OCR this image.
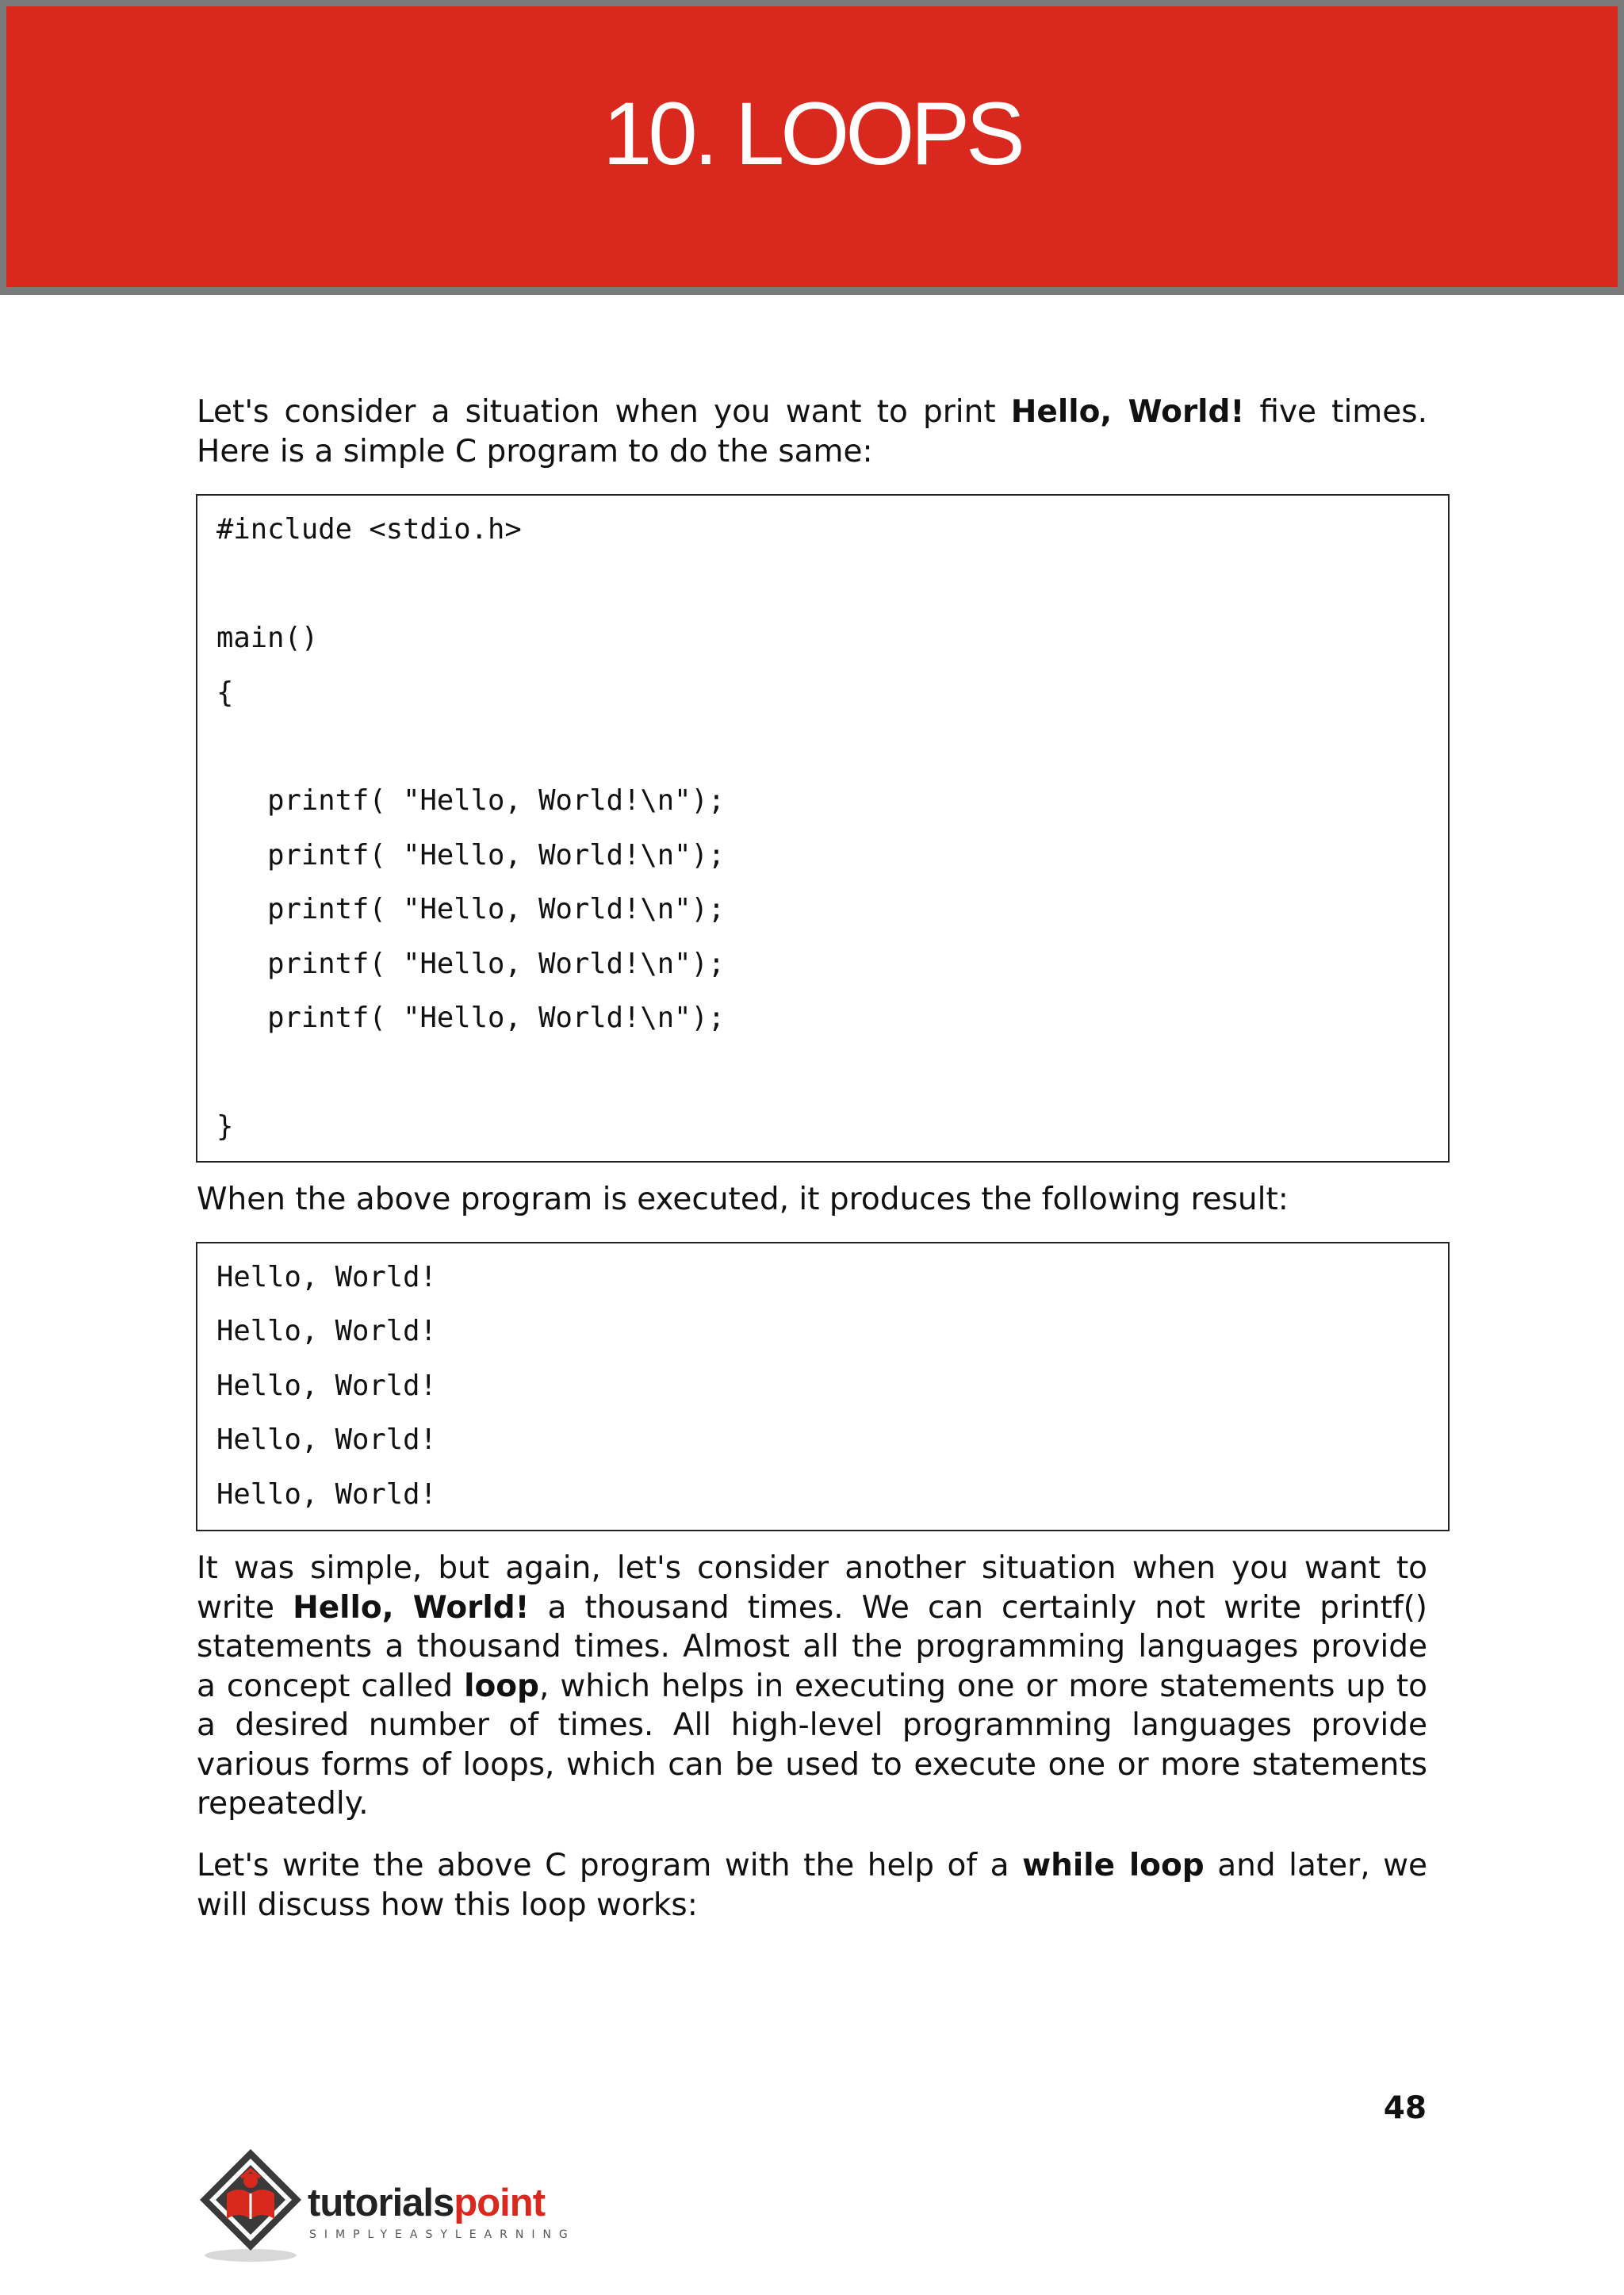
10. LOOPS

Let's consider a situation when you want to print Hello, World! five times. Here is a simple C program to do the same:

#include <stdio.h>
main()
{
printf( "Hello, World!\n");
printf( "Hello, World!\n");
printf( "Hello, World!\n");
printf( "Hello, World!\n");
printf( "Hello, World!\n");
}

When the above program is executed, it produces the following result:

Hello, World!
Hello, World!
Hello, World!
Hello, World!
Hello, World!

It was simple, but again, let's consider another situation when you want to write Hello, World! a thousand times. We can certainly not write printf() statements a thousand times. Almost all the programming languages provide a concept called loop, which helps in executing one or more statements up to a desired number of times. All high-level programming languages provide various forms of loops, which can be used to execute one or more statements repeatedly.

Let's write the above C program with the help of a while loop and later, we will discuss how this loop works:

48
tutorialspoint
SIMPLYEASYLEARNING
